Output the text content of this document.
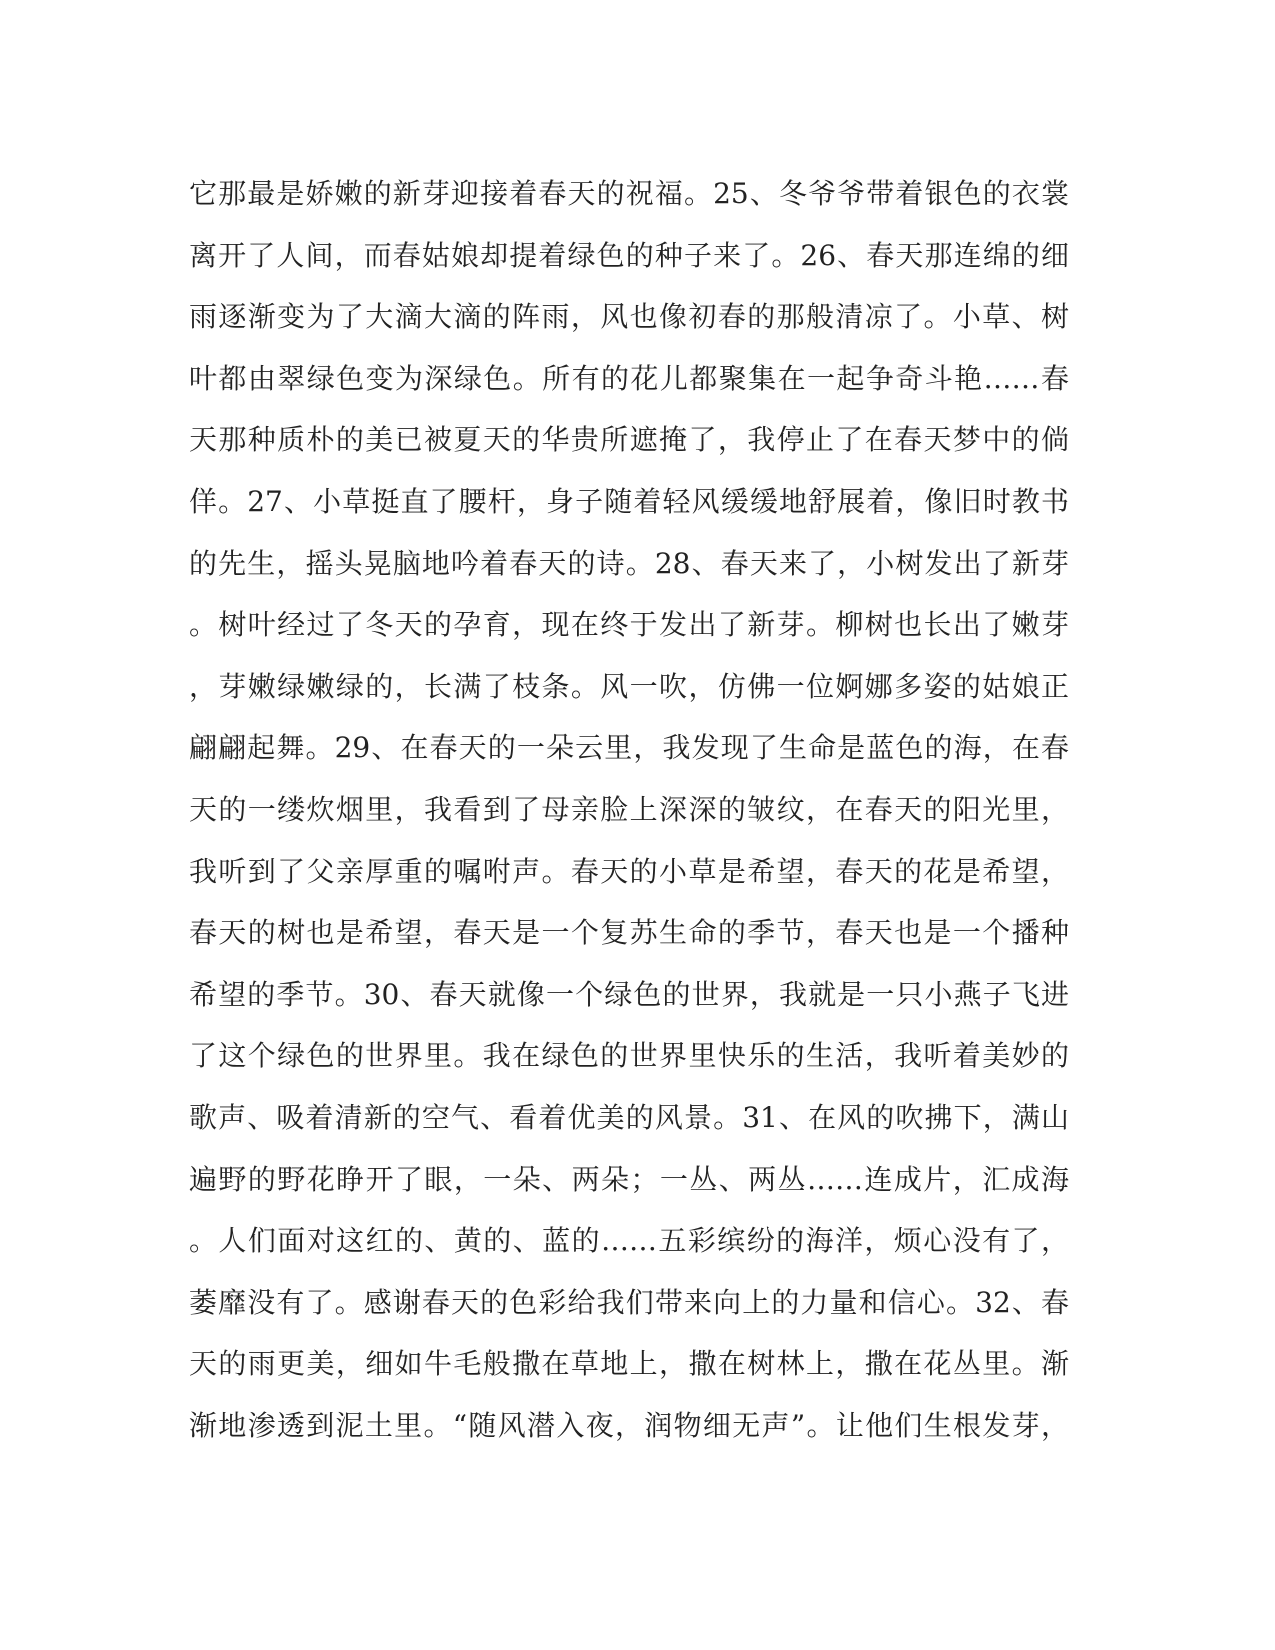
它那最是娇嫩的新芽迎接着春天的祝福。25、冬爷爷带着银色的衣裳
离开了人间，而春姑娘却提着绿色的种子来了。26、春天那连绵的细
雨逐渐变为了大滴大滴的阵雨，风也像初春的那般清凉了。小草、树
叶都由翠绿色变为深绿色。所有的花儿都聚集在一起争奇斗艳……春
天那种质朴的美已被夏天的华贵所遮掩了，我停止了在春天梦中的倘
佯。27、小草挺直了腰杆，身子随着轻风缓缓地舒展着，像旧时教书
的先生，摇头晃脑地吟着春天的诗。28、春天来了，小树发出了新芽
。树叶经过了冬天的孕育，现在终于发出了新芽。柳树也长出了嫩芽
，芽嫩绿嫩绿的，长满了枝条。风一吹，仿佛一位婀娜多姿的姑娘正
翩翩起舞。29、在春天的一朵云里，我发现了生命是蓝色的海，在春
天的一缕炊烟里，我看到了母亲脸上深深的皱纹，在春天的阳光里，
我听到了父亲厚重的嘱咐声。春天的小草是希望，春天的花是希望，
春天的树也是希望，春天是一个复苏生命的季节，春天也是一个播种
希望的季节。30、春天就像一个绿色的世界，我就是一只小燕子飞进
了这个绿色的世界里。我在绿色的世界里快乐的生活，我听着美妙的
歌声、吸着清新的空气、看着优美的风景。31、在风的吹拂下，满山
遍野的野花睁开了眼，一朵、两朵；一丛、两丛……连成片，汇成海
。人们面对这红的、黄的、蓝的……五彩缤纷的海洋，烦心没有了，
萎靡没有了。感谢春天的色彩给我们带来向上的力量和信心。32、春
天的雨更美，细如牛毛般撒在草地上，撒在树林上，撒在花丛里。渐
渐地渗透到泥土里。“随风潜入夜，润物细无声”。让他们生根发芽，
